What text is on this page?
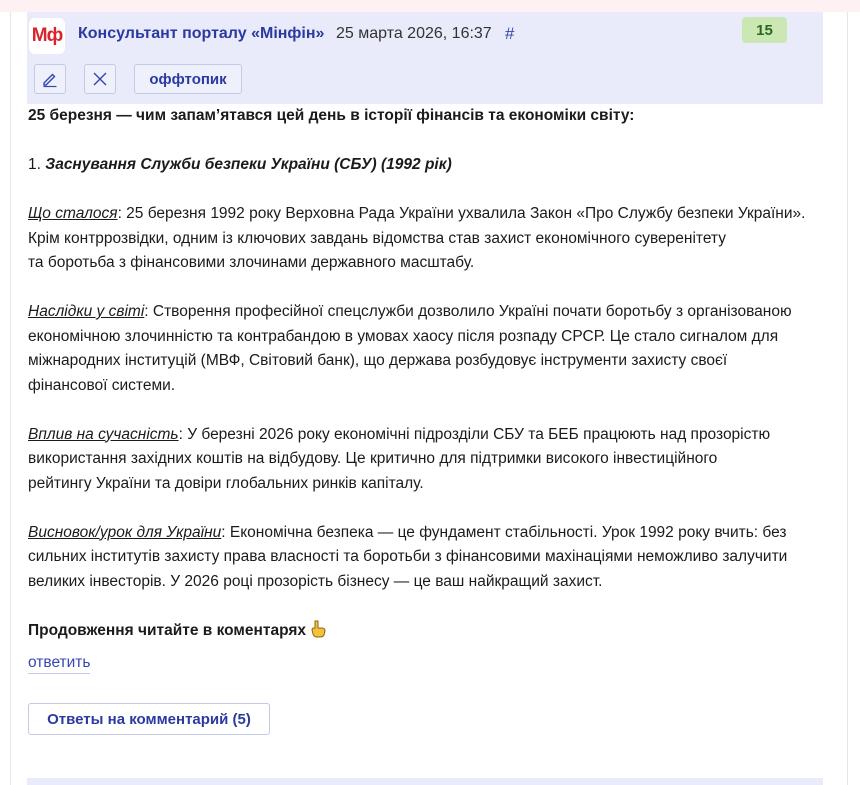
Мф Консультант порталу «Мінфін» 25 марта 2026, 16:37 #	15
оффтопик

25 березня — чим запам’ятався цей день в історії фінансів та економіки світу:

1. Заснування Служби безпеки України (СБУ) (1992 рік)

Що сталося: 25 березня 1992 року Верховна Рада України ухвалила Закон «Про Службу безпеки України».

Крім контррозвідки, одним із ключових завдань відомства став захист економічного суверенітету

та боротьба з фінансовими злочинами державного масштабу.

Наслідки у світі: Створення професійної спецслужби дозволило Україні почати боротьбу з організованою

економічною злочинністю та контрабандою в умовах хаосу після розпаду СРСР. Це стало сигналом для

міжнародних інституцій (МВФ, Світовий банк), що держава розбудовує інструменти захисту своєї

фінансової системи.

Вплив на сучасність: У березні 2026 року економічні підрозділи СБУ та БЕБ працюють над прозорістю

використання західних коштів на відбудову. Це критично для підтримки високого інвестиційного

рейтингу України та довіри глобальних ринків капіталу.

Висновок/урок для України: Економічна безпека — це фундамент стабільності. Урок 1992 року вчить: без

сильних інститутів захисту права власності та боротьби з фінансовими махінаціями неможливо залучити

великих інвесторів. У 2026 році прозорість бізнесу — це ваш найкращий захист.

Продовження читайте в коментарях

ответить
Ответы на комментарий (5)
